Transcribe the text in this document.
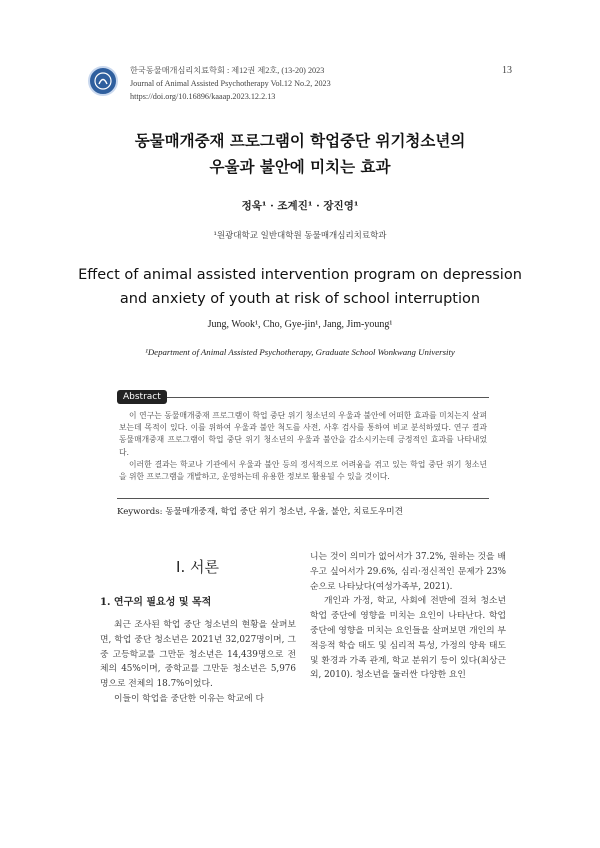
한국동물매개심리치료학회 : 제12권 제2호, (13-20) 2023
Journal of Animal Assisted Psychotherapy Vol.12 No.2, 2023
https://doi.org/10.16896/kaaap.2023.12.2.13
13
동물매개중재 프로그램이 학업중단 위기청소년의
우울과 불안에 미치는 효과
정욱¹ · 조계진¹ · 장진영¹
¹원광대학교 일반대학원 동물매개심리치료학과
Effect of animal assisted intervention program on depression
and anxiety of youth at risk of school interruption
Jung, Wook¹, Cho, Gye-jin¹, Jang, Jim-young¹
¹Department of Animal Assisted Psychotherapy, Graduate School Wonkwang University
Abstract

이 연구는 동물매개중재 프로그램이 학업 중단 위기 청소년의 우울과 불안에 어떠한 효과를 미치는지 살펴 보는데 목적이 있다. 이를 위하여 우울과 불안 척도를 사전, 사후 검사를 통하여 비교 분석하였다. 연구 결과 동물매개중재 프로그램이 학업 중단 위기 청소년의 우울과 불안을 감소시키는데 긍정적인 효과를 나타내었다.

이러한 결과는 학교나 기관에서 우울과 불안 등의 정서적으로 어려움을 겪고 있는 학업 중단 위기 청소년을 위한 프로그램을 개발하고, 운영하는데 유용한 정보로 활용될 수 있을 것이다.

Keywords: 동물매개중재, 학업 중단 위기 청소년, 우울, 불안, 치료도우미견
Ⅰ. 서론
1. 연구의 필요성 및 목적

최근 조사된 학업 중단 청소년의 현황을 살펴보면, 학업 중단 청소년은 2021년 32,027명이며, 그 중 고등학교를 그만둔 청소년은 14,439명으로 전체의 45%이며, 중학교를 그만둔 청소년은 5,976명으로 전체의 18.7%이었다.

이들이 학업을 중단한 이유는 학교에 다

니는 것이 의미가 없어서가 37.2%, 원하는 것을 배우고 싶어서가 29.6%, 심리·정신적인 문제가 23% 순으로 나타났다(여성가족부, 2021).

개인과 가정, 학교, 사회에 전반에 걸쳐 청소년 학업 중단에 영향을 미치는 요인이 나타난다. 학업 중단에 영향을 미치는 요인들을 살펴보면 개인의 부적응적 학습 태도 및 심리적 특성, 가정의 양육 태도 및 환경과 가족 관계, 학교 분위기 등이 있다(최상근외, 2010). 청소년을 둘러싼 다양한 요인
